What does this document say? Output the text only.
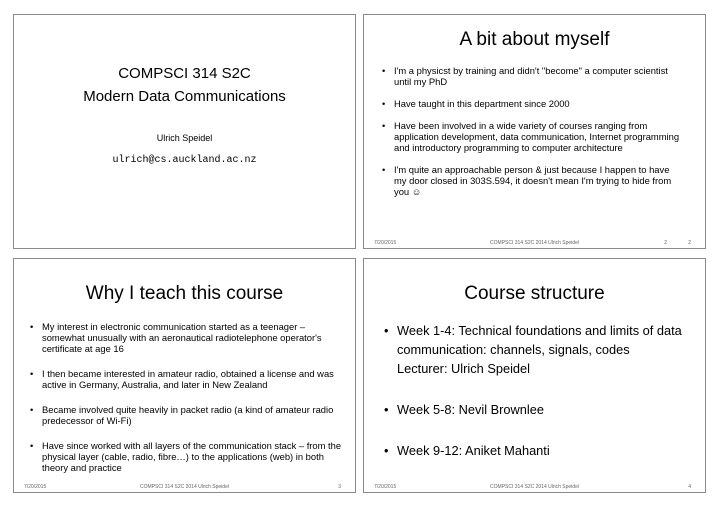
COMPSCI 314 S2C
Modern Data Communications
Ulrich Speidel
ulrich@cs.auckland.ac.nz
A bit about myself
• I'm a physicst by training and didn't "become" a computer scientist until my PhD
• Have taught in this department since 2000
• Have been involved in a wide variety of courses ranging from application development, data communication, Internet programming and introductory programming to computer architecture
• I'm quite an approachable person & just because I happen to have my door closed in 303S.594, it doesn't mean I'm trying to hide from you ☺
7/20/2015	COMPSCI 314 S2C 2014 Ulrich Speidel	2	2
Why I teach this course
• My interest in electronic communication started as a teenager – somewhat unusually with an aeronautical radiotelephone operator's certificate at age 16
• I then became interested in amateur radio, obtained a license and was active in Germany, Australia, and later in New Zealand
• Became involved quite heavily in packet radio (a kind of amateur radio predecessor of Wi-Fi)
• Have since worked with all layers of the communication stack – from the physical layer (cable, radio, fibre…) to the applications (web) in both theory and practice
7/20/2015	COMPSCI 314 S2C 2014 Ulrich Speidel	3
Course structure
• Week 1-4: Technical foundations and limits of data communication: channels, signals, codes
Lecturer: Ulrich Speidel
• Week 5-8: Nevil Brownlee
• Week 9-12: Aniket Mahanti
7/20/2015	COMPSCI 314 S2C 2014 Ulrich Speidel	4
